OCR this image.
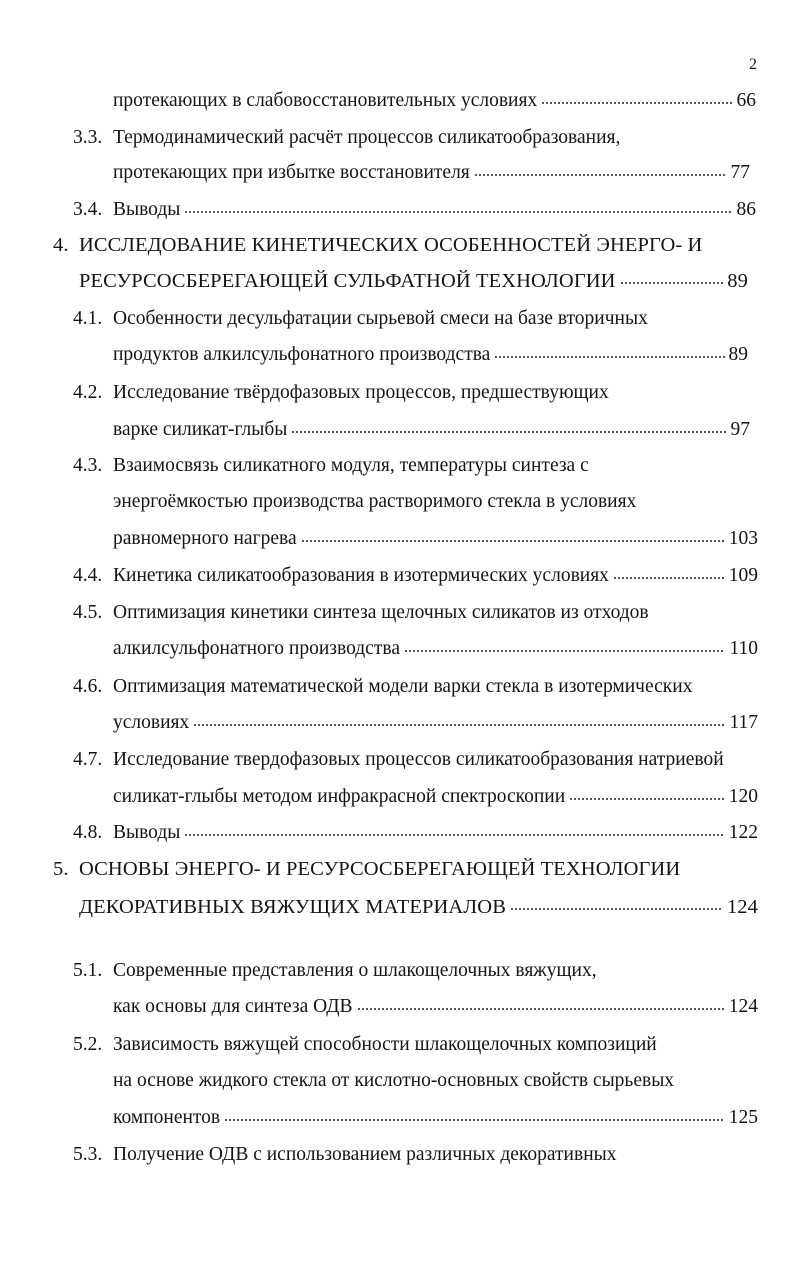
2
протекающих в слабовосстановительных условиях	66
3.3. Термодинамический расчёт процессов силикатообразования,
протекающих при избытке восстановителя	77
3.4. Выводы	86
4. ИССЛЕДОВАНИЕ КИНЕТИЧЕСКИХ ОСОБЕННОСТЕЙ ЭНЕРГО- И
РЕСУРСОСБЕРЕГАЮЩЕЙ СУЛЬФАТНОЙ ТЕХНОЛОГИИ	89
4.1. Особенности десульфатации сырьевой смеси на базе вторичных
продуктов алкилсульфонатного производства	89
4.2. Исследование твёрдофазовых процессов, предшествующих
варке силикат-глыбы	97
4.3. Взаимосвязь силикатного модуля, температуры синтеза с
энергоёмкостью производства растворимого стекла в условиях
равномерного нагрева	103
4.4. Кинетика силикатообразования в изотермических условиях	109
4.5. Оптимизация кинетики синтеза щелочных силикатов из отходов
алкилсульфонатного производства	110
4.6. Оптимизация математической модели варки стекла в изотермических
условиях	117
4.7. Исследование твердофазовых процессов силикатообразования натриевой
силикат-глыбы методом инфракрасной спектроскопии	120
4.8. Выводы	122
5. ОСНОВЫ ЭНЕРГО- И РЕСУРСОСБЕРЕГАЮЩЕЙ ТЕХНОЛОГИИ
ДЕКОРАТИВНЫХ ВЯЖУЩИХ МАТЕРИАЛОВ	124
5.1. Современные представления о шлакощелочных вяжущих,
как основы для синтеза ОДВ	124
5.2. Зависимость вяжущей способности шлакощелочных композиций
на основе жидкого стекла от кислотно-основных свойств сырьевых
компонентов	125
5.3. Получение ОДВ с использованием различных декоративных
